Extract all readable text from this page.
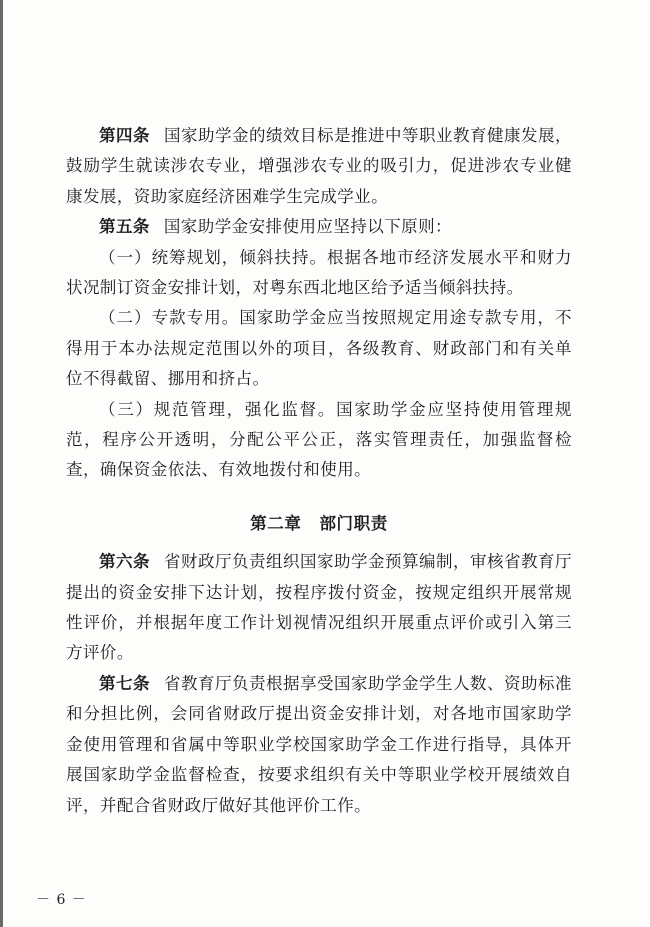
第四条 国家助学金的绩效目标是推进中等职业教育健康发展，鼓励学生就读涉农专业，增强涉农专业的吸引力，促进涉农专业健康发展，资助家庭经济困难学生完成学业。

第五条 国家助学金安排使用应坚持以下原则：

（一）统筹规划，倾斜扶持。根据各地市经济发展水平和财力状况制订资金安排计划，对粤东西北地区给予适当倾斜扶持。

（二）专款专用。国家助学金应当按照规定用途专款专用，不得用于本办法规定范围以外的项目，各级教育、财政部门和有关单位不得截留、挪用和挤占。

（三）规范管理，强化监督。国家助学金应坚持使用管理规范，程序公开透明，分配公平公正，落实管理责任，加强监督检查，确保资金依法、有效地拨付和使用。

第二章 部门职责

第六条 省财政厅负责组织国家助学金预算编制，审核省教育厅提出的资金安排下达计划，按程序拨付资金，按规定组织开展常规性评价，并根据年度工作计划视情况组织开展重点评价或引入第三方评价。

第七条 省教育厅负责根据享受国家助学金学生人数、资助标准和分担比例，会同省财政厅提出资金安排计划，对各地市国家助学金使用管理和省属中等职业学校国家助学金工作进行指导，具体开展国家助学金监督检查，按要求组织有关中等职业学校开展绩效自评，并配合省财政厅做好其他评价工作。

－ 6 －
